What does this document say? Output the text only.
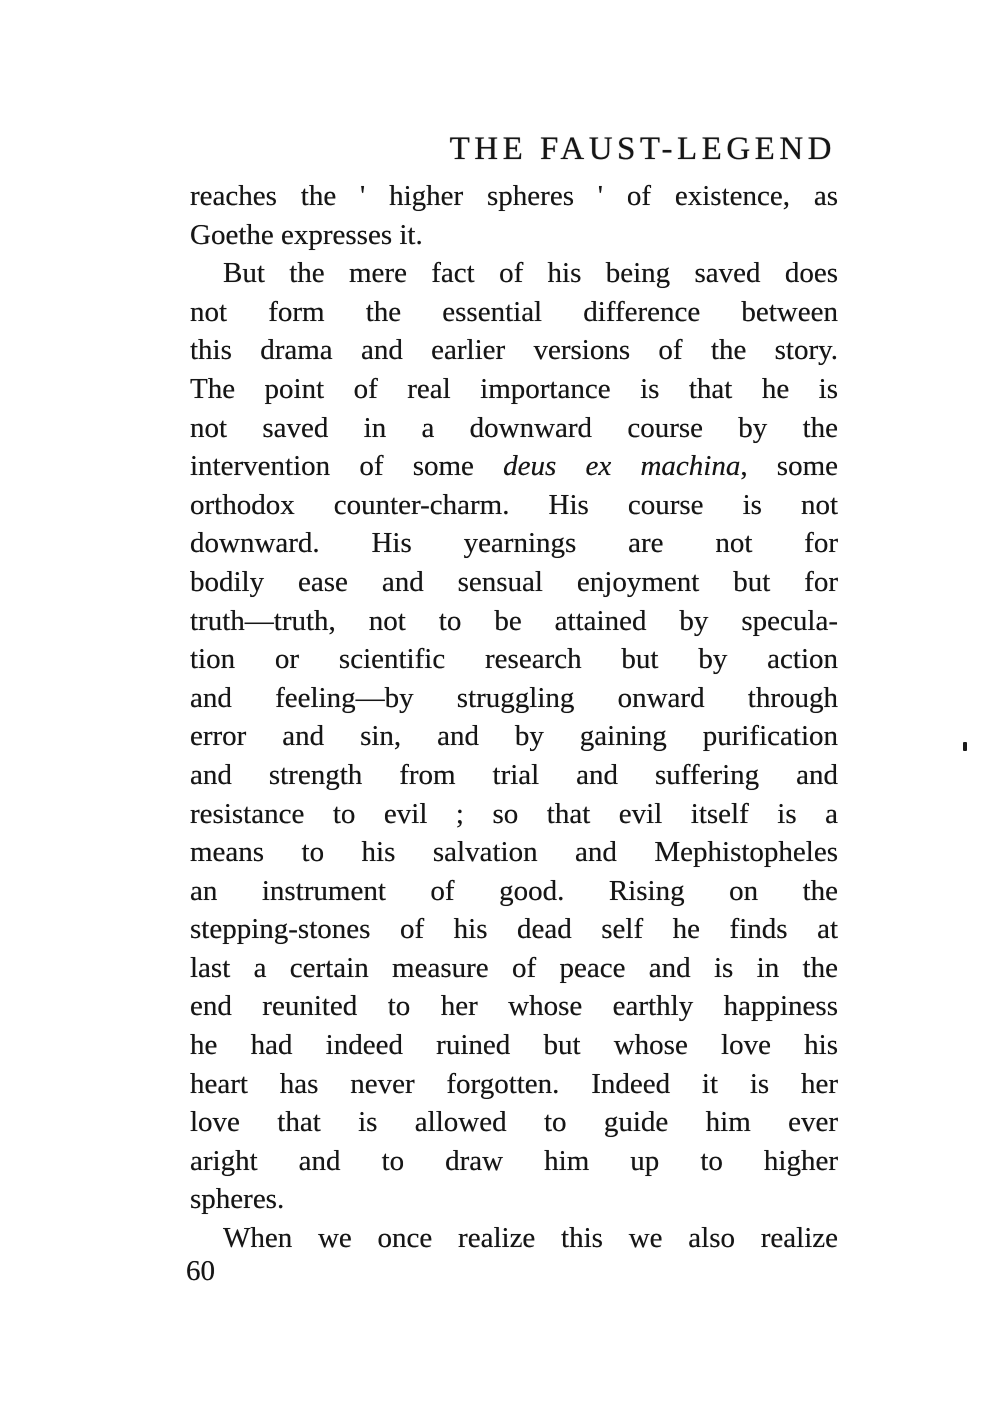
THE FAUST-LEGEND
reaches the ' higher spheres ' of existence, as
Goethe expresses it.
But the mere fact of his being saved does
not form the essential difference between
this drama and earlier versions of the story.
The point of real importance is that he is
not saved in a downward course by the
intervention of some deus ex machina, some
orthodox counter-charm. His course is not
downward. His yearnings are not for
bodily ease and sensual enjoyment but for
truth—truth, not to be attained by specula-
tion or scientific research but by action
and feeling—by struggling onward through
error and sin, and by gaining purification
and strength from trial and suffering and
resistance to evil ; so that evil itself is a
means to his salvation and Mephistopheles
an instrument of good. Rising on the
stepping-stones of his dead self he finds at
last a certain measure of peace and is in the
end reunited to her whose earthly happiness
he had indeed ruined but whose love his
heart has never forgotten. Indeed it is her
love that is allowed to guide him ever
aright and to draw him up to higher
spheres.
When we once realize this we also realize
60
